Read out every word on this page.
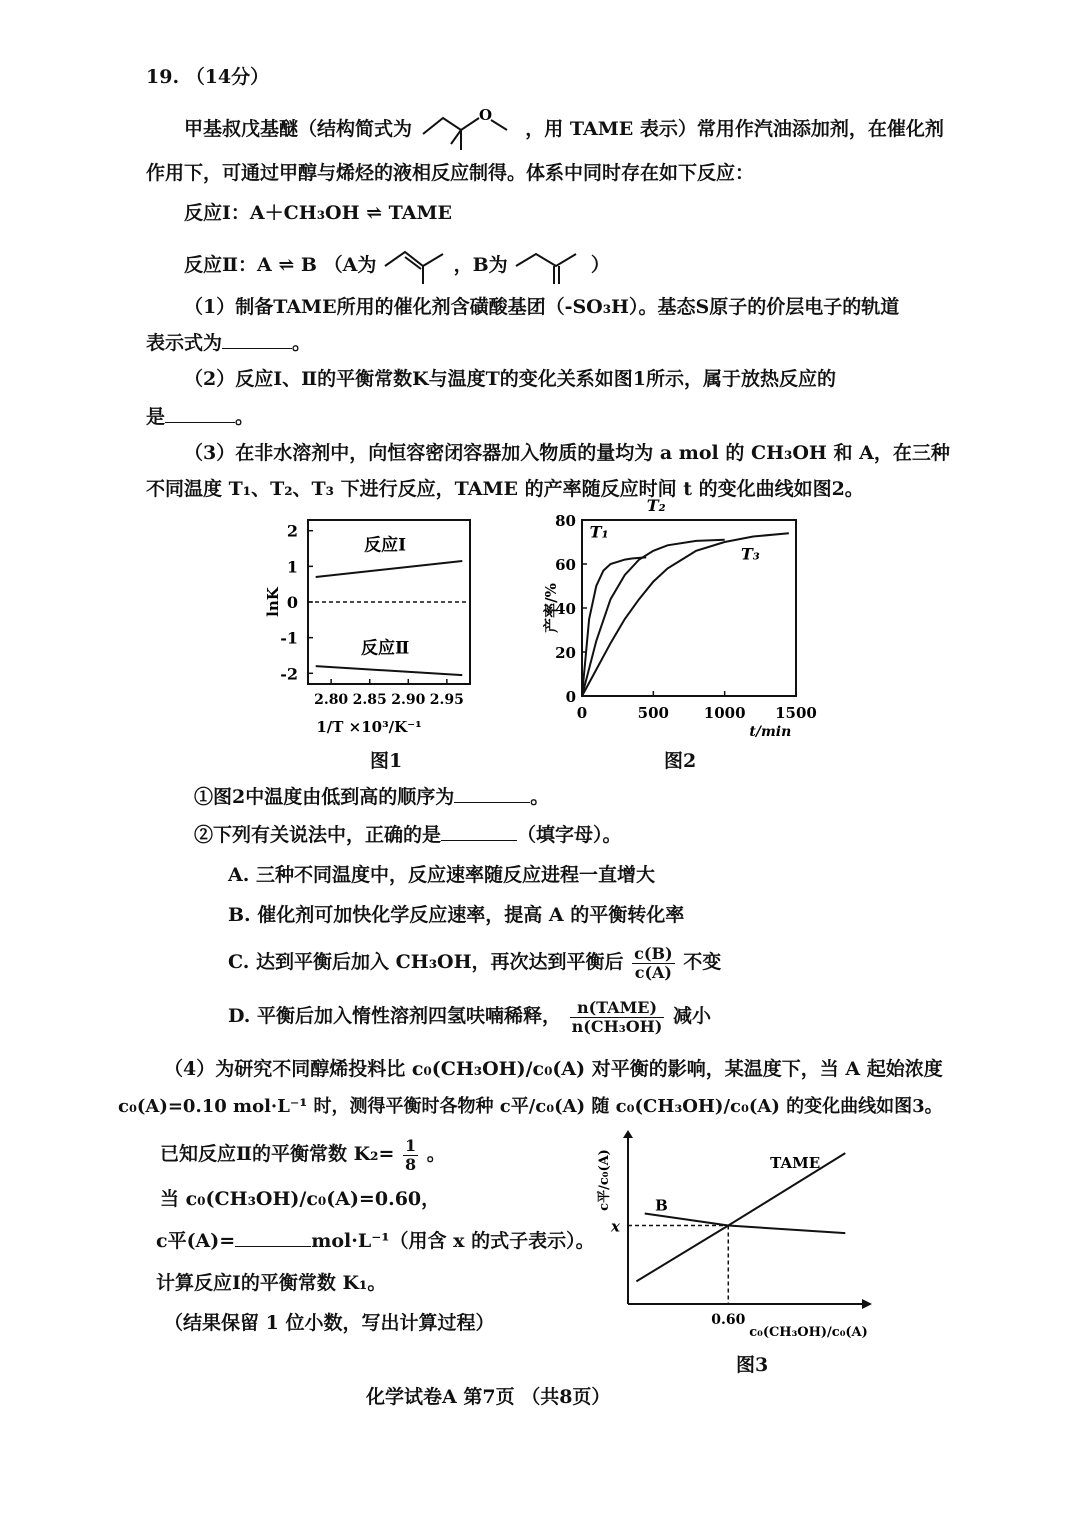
19. （14分）
甲基叔戊基醚（结构简式为
O
，用 TAME 表示）常用作汽油添加剂，在催化剂
作用下，可通过甲醇与烯烃的液相反应制得。体系中同时存在如下反应：
反应Ⅰ：A＋CH₃OH ⇌ TAME
反应Ⅱ：A ⇌ B （A为	，B为	）
（1）制备TAME所用的催化剂含磺酸基团（-SO₃H）。基态S原子的价层电子的轨道
表示式为	。
（2）反应Ⅰ、Ⅱ的平衡常数K与温度T的变化关系如图1所示，属于放热反应的
是	。
（3）在非水溶剂中，向恒容密闭容器加入物质的量均为 a mol 的 CH₃OH 和 A，在三种
不同温度 T₁、T₂、T₃ 下进行反应，TAME 的产率随反应时间 t 的变化曲线如图2。
2
1
0
-1
-2
2.80 2.85 2.90 2.95
反应Ⅰ
反应Ⅱ
lnK
1/T ×10³/K⁻¹
图1
80
60
40
20
0
0	500 1000 1500
T₁
T₂
T₃
产率/%
t/min
图2
①图2中温度由低到高的顺序为	。
②下列有关说法中，正确的是	（填字母）。
A. 三种不同温度中，反应速率随反应进程一直增大
B. 催化剂可加快化学反应速率，提高 A 的平衡转化率
C. 达到平衡后加入 CH₃OH，再次达到平衡后 $\frac{c(B)}{c(A)}$ 不变
D. 平衡后加入惰性溶剂四氢呋喃稀释， $\frac{\text{n(TAME)}}{\text{n(CH₃OH)}}$ 减小
（4）为研究不同醇烯投料比 c₀(CH₃OH)/c₀(A) 对平衡的影响，某温度下，当 A 起始浓度
c₀(A)=0.10 mol·L⁻¹ 时，测得平衡时各物种 c平/c₀(A) 随 c₀(CH₃OH)/c₀(A) 的变化曲线如图3。
已知反应Ⅱ的平衡常数 $K_2= \frac{1}{8}$ 。
当 c₀(CH₃OH)/c₀(A)=0.60，
c平(A)=	mol·L⁻¹（用含 x 的式子表示）。
计算反应Ⅰ的平衡常数 K₁。
（结果保留 1 位小数，写出计算过程）
TAME
B
x
0.60
c平/c₀(A)
c₀(CH₃OH)/c₀(A)
图3
化学试卷A 第7页 （共8页）
